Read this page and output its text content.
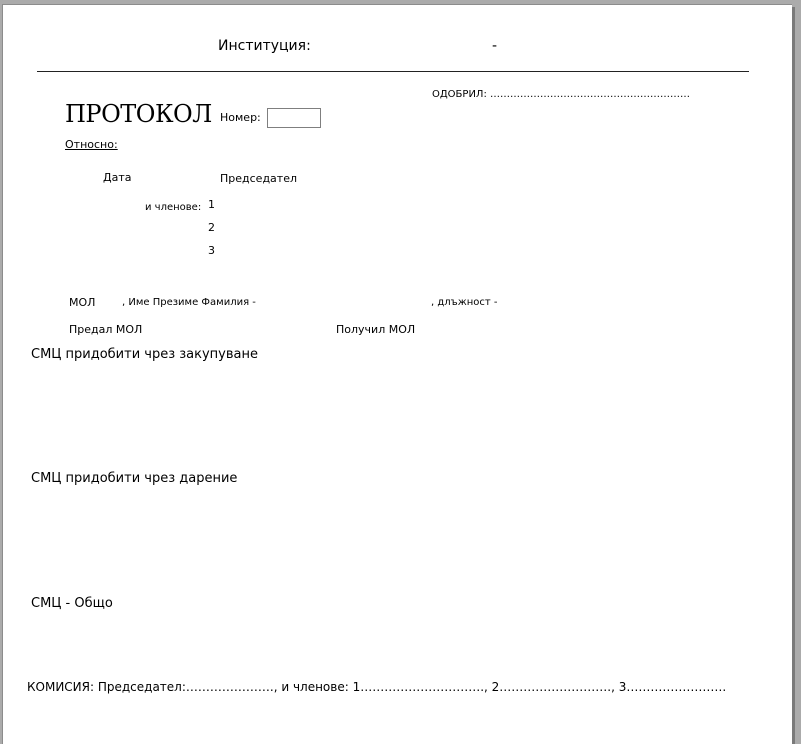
Институция:	-
ОДОБРИЛ: ……………………………………………………
ПРОТОКОЛ Номер:
Относно:
Дата	Председател
и членове: 1
2
3
МОЛ	, Име Презиме Фамилия -	, длъжност -
Предал МОЛ	Получил МОЛ
СМЦ придобити чрез закупуване
СМЦ придобити чрез дарение
СМЦ - Общо
КОМИСИЯ: Председател:…………………., и членове: 1…………………………., 2………………………., 3…………………….
